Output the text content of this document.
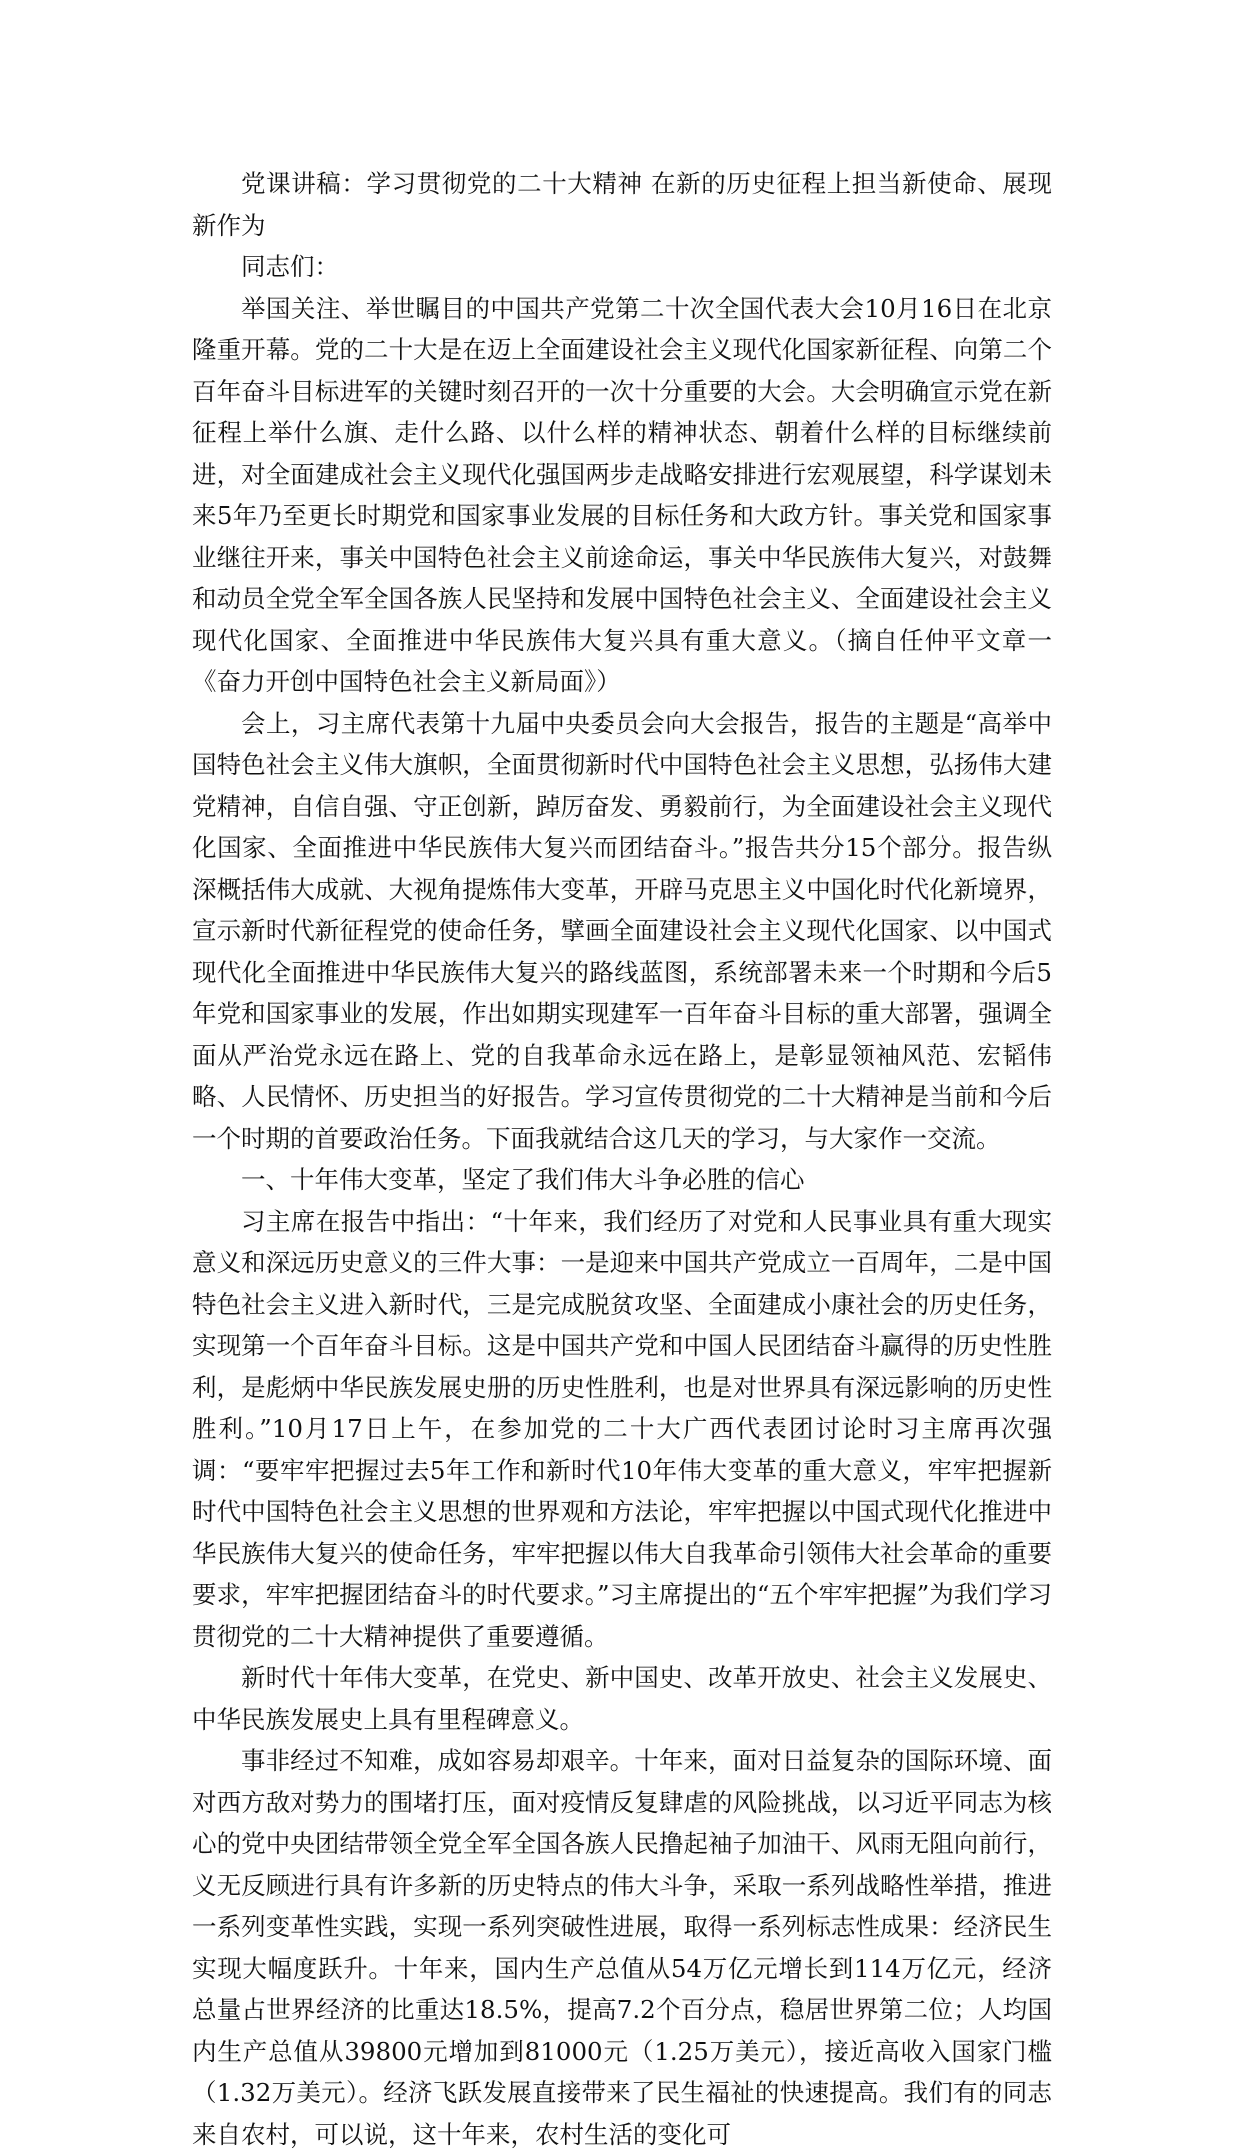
党课讲稿：学习贯彻党的二十大精神 在新的历史征程上担当新使命、展现新作为

同志们：

举国关注、举世瞩目的中国共产党第二十次全国代表大会10月16日在北京隆重开幕。党的二十大是在迈上全面建设社会主义现代化国家新征程、向第二个百年奋斗目标进军的关键时刻召开的一次十分重要的大会。大会明确宣示党在新征程上举什么旗、走什么路、以什么样的精神状态、朝着什么样的目标继续前进，对全面建成社会主义现代化强国两步走战略安排进行宏观展望，科学谋划未来5年乃至更长时期党和国家事业发展的目标任务和大政方针。事关党和国家事业继往开来，事关中国特色社会主义前途命运，事关中华民族伟大复兴，对鼓舞和动员全党全军全国各族人民坚持和发展中国特色社会主义、全面建设社会主义现代化国家、全面推进中华民族伟大复兴具有重大意义。（摘自任仲平文章一《奋力开创中国特色社会主义新局面》）

会上，习主席代表第十九届中央委员会向大会报告，报告的主题是“高举中国特色社会主义伟大旗帜，全面贯彻新时代中国特色社会主义思想，弘扬伟大建党精神，自信自强、守正创新，踔厉奋发、勇毅前行，为全面建设社会主义现代化国家、全面推进中华民族伟大复兴而团结奋斗。”报告共分15个部分。报告纵深概括伟大成就、大视角提炼伟大变革，开辟马克思主义中国化时代化新境界，宣示新时代新征程党的使命任务，擘画全面建设社会主义现代化国家、以中国式现代化全面推进中华民族伟大复兴的路线蓝图，系统部署未来一个时期和今后5年党和国家事业的发展，作出如期实现建军一百年奋斗目标的重大部署，强调全面从严治党永远在路上、党的自我革命永远在路上，是彰显领袖风范、宏韬伟略、人民情怀、历史担当的好报告。学习宣传贯彻党的二十大精神是当前和今后一个时期的首要政治任务。下面我就结合这几天的学习，与大家作一交流。

一、十年伟大变革，坚定了我们伟大斗争必胜的信心

习主席在报告中指出：“十年来，我们经历了对党和人民事业具有重大现实意义和深远历史意义的三件大事：一是迎来中国共产党成立一百周年，二是中国特色社会主义进入新时代，三是完成脱贫攻坚、全面建成小康社会的历史任务，实现第一个百年奋斗目标。这是中国共产党和中国人民团结奋斗赢得的历史性胜利，是彪炳中华民族发展史册的历史性胜利，也是对世界具有深远影响的历史性胜利。”10月17日上午，在参加党的二十大广西代表团讨论时习主席再次强调：“要牢牢把握过去5年工作和新时代10年伟大变革的重大意义，牢牢把握新时代中国特色社会主义思想的世界观和方法论，牢牢把握以中国式现代化推进中华民族伟大复兴的使命任务，牢牢把握以伟大自我革命引领伟大社会革命的重要要求，牢牢把握团结奋斗的时代要求。”习主席提出的“五个牢牢把握”为我们学习贯彻党的二十大精神提供了重要遵循。

新时代十年伟大变革，在党史、新中国史、改革开放史、社会主义发展史、中华民族发展史上具有里程碑意义。

事非经过不知难，成如容易却艰辛。十年来，面对日益复杂的国际环境、面对西方敌对势力的围堵打压，面对疫情反复肆虐的风险挑战，以习近平同志为核心的党中央团结带领全党全军全国各族人民撸起袖子加油干、风雨无阻向前行，义无反顾进行具有许多新的历史特点的伟大斗争，采取一系列战略性举措，推进一系列变革性实践，实现一系列突破性进展，取得一系列标志性成果：经济民生实现大幅度跃升。十年来，国内生产总值从54万亿元增长到114万亿元，经济总量占世界经济的比重达18.5%，提高7.2个百分点，稳居世界第二位；人均国内生产总值从39800元增加到81000元（1.25万美元），接近高收入国家门槛（1.32万美元）。经济飞跃发展直接带来了民生福祉的快速提高。我们有的同志来自农村，可以说，这十年来，农村生活的变化可
